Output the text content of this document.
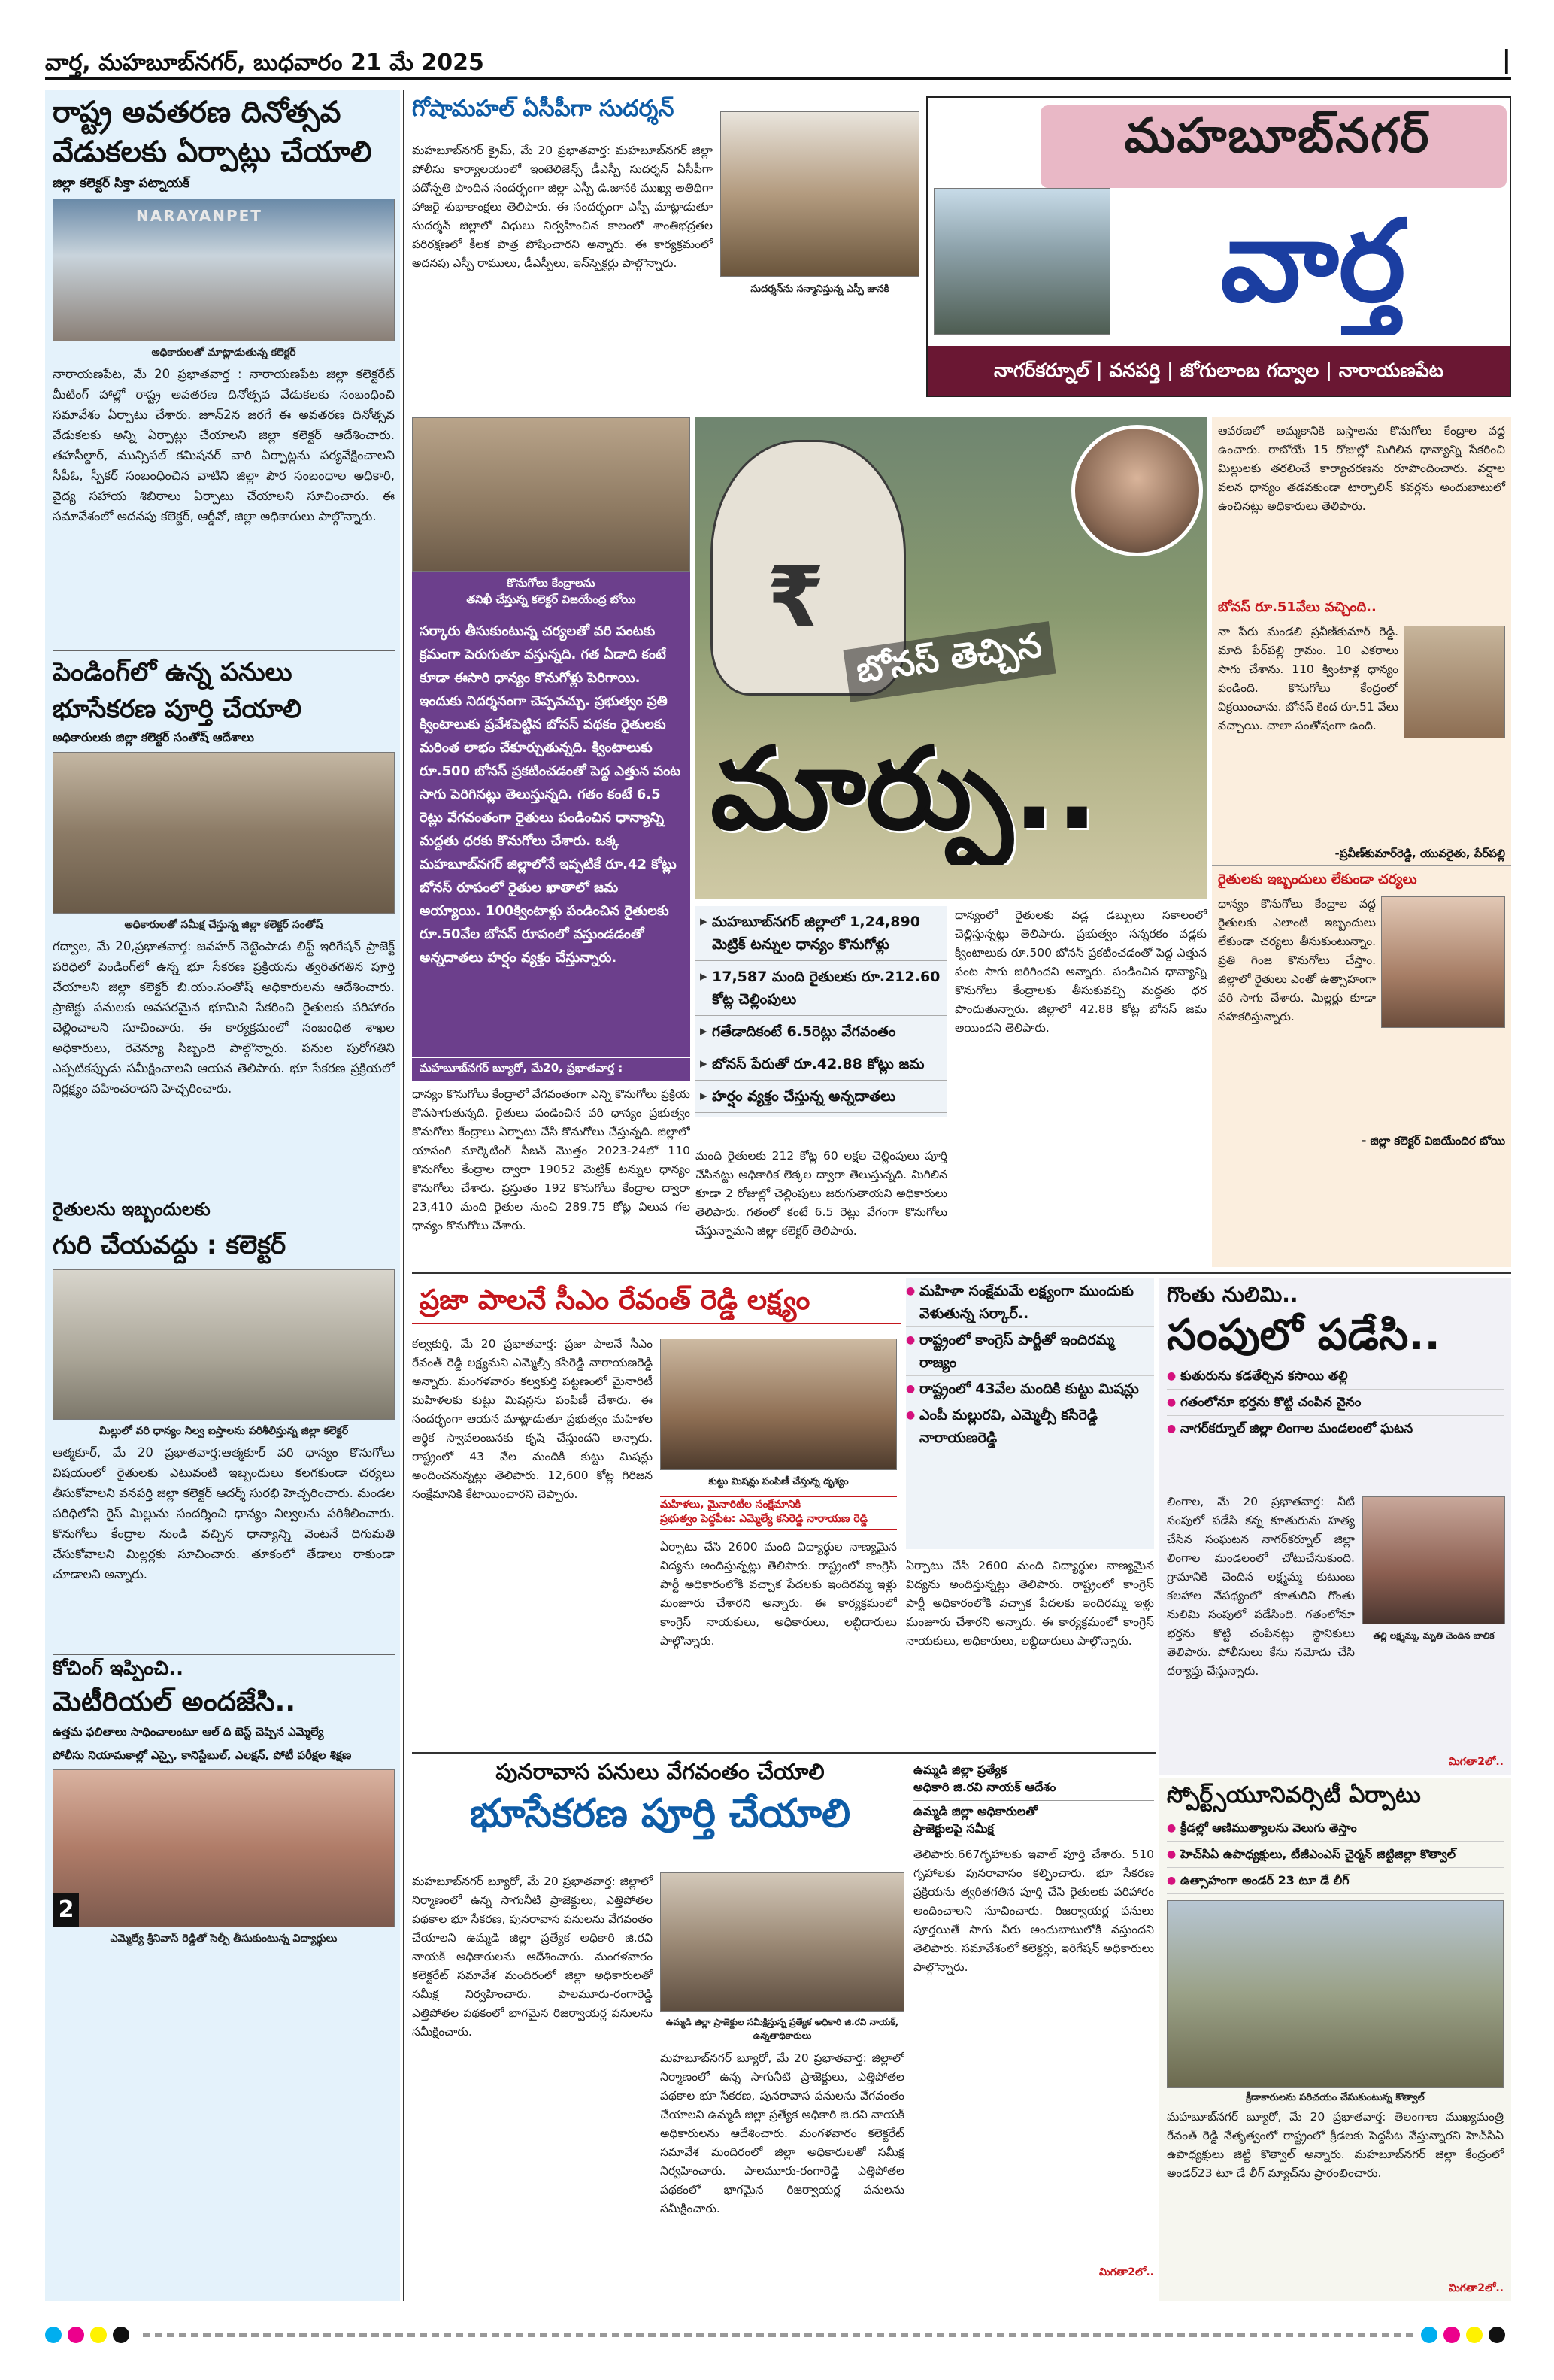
వార్త, మహబూబ్‌నగర్, బుధవారం 21 మే 2025	|
రాష్ట్ర అవతరణ దినోత్సవ
వేడుకలకు ఏర్పాట్లు చేయాలి
జిల్లా కలెక్టర్ సిక్తా పట్నాయక్
NARAYANPET
అధికారులతో మాట్లాడుతున్న కలెక్టర్
నారాయణపేట, మే 20 ప్రభాతవార్త : నారాయణపేట జిల్లా కలెక్టరేట్ మీటింగ్ హాల్లో రాష్ట్ర అవతరణ దినోత్సవ వేడుకలకు సంబంధించి సమావేశం ఏర్పాటు చేశారు. జూన్2న జరగే ఈ అవతరణ దినోత్సవ వేడుకలకు అన్ని ఏర్పాట్లు చేయాలని జిల్లా కలెక్టర్ ఆదేశించారు. తహసీల్దార్, మున్సిపల్ కమిషనర్ వారి ఏర్పాట్లను పర్యవేక్షించాలని సీపీఓ, స్పీకర్ సంబంధించిన వాటిని జిల్లా పౌర సంబంధాల అధికారి, వైద్య సహాయ శిబిరాలు ఏర్పాటు చేయాలని సూచించారు. ఈ సమావేశంలో అదనపు కలెక్టర్, ఆర్డీవో, జిల్లా అధికారులు పాల్గొన్నారు.
పెండింగ్‌లో ఉన్న పనులు
భూసేకరణ పూర్తి చేయాలి
అధికారులకు జిల్లా కలెక్టర్ సంతోష్ ఆదేశాలు
అధికారులతో సమీక్ష చేస్తున్న జిల్లా కలెక్టర్ సంతోష్
గద్వాల, మే 20,ప్రభాతవార్త: జవహర్ నెట్టెంపాడు లిఫ్ట్ ఇరిగేషన్ ప్రాజెక్ట్ పరిధిలో పెండింగ్‌లో ఉన్న భూ సేకరణ ప్రక్రియను త్వరితగతిన పూర్తి చేయాలని జిల్లా కలెక్టర్ బి.యం.సంతోష్ అధికారులను ఆదేశించారు. ప్రాజెక్టు పనులకు అవసరమైన భూమిని సేకరించి రైతులకు పరిహారం చెల్లించాలని సూచించారు. ఈ కార్యక్రమంలో సంబంధిత శాఖల అధికారులు, రెవెన్యూ సిబ్బంది పాల్గొన్నారు. పనుల పురోగతిని ఎప్పటికప్పుడు సమీక్షించాలని ఆయన తెలిపారు. భూ సేకరణ ప్రక్రియలో నిర్లక్ష్యం వహించరాదని హెచ్చరించారు.
రైతులను ఇబ్బందులకు
గురి చేయవద్దు : కలెక్టర్
మిల్లులో వరి ధాన్యం నిల్వ ఐస్తాలను పరిశీలిస్తున్న జిల్లా కలెక్టర్
ఆత్మకూర్, మే 20 ప్రభాతవార్త:ఆత్మకూర్ వరి ధాన్యం కొనుగోలు విషయంలో రైతులకు ఎటువంటి ఇబ్బందులు కలగకుండా చర్యలు తీసుకోవాలని వనపర్తి జిల్లా కలెక్టర్ ఆదర్శ్ సురభి హెచ్చరించారు. మండల పరిధిలోని రైస్ మిల్లును సందర్శించి ధాన్యం నిల్వలను పరిశీలించారు. కొనుగోలు కేంద్రాల నుండి వచ్చిన ధాన్యాన్ని వెంటనే దిగుమతి చేసుకోవాలని మిల్లర్లకు సూచించారు. తూకంలో తేడాలు రాకుండా చూడాలని అన్నారు.
కోచింగ్ ఇప్పించి..
మెటీరియల్ అందజేసి..
ఉత్తమ ఫలితాలు సాధించాలంటూ ఆల్ ది బెస్ట్ చెప్పిన ఎమ్మెల్యే
పోలీసు నియామకాల్లో ఎస్సై, కానిస్టేబుల్, ఎలక్షన్, పోటీ పరీక్షల శిక్షణ
2
ఎమ్మెల్యే శ్రీనివాస్ రెడ్డితో సెల్ఫీ తీసుకుంటున్న విద్యార్థులు
గోషామహల్ ఏసీపీగా సుదర్శన్
మహబూబ్‌నగర్ క్రైమ్, మే 20 ప్రభాతవార్త: మహబూబ్‌నగర్ జిల్లా పోలీసు కార్యాలయంలో ఇంటెలిజెన్స్ డీఎస్పీ సుదర్శన్ ఏసీపీగా పదోన్నతి పొందిన సందర్భంగా జిల్లా ఎస్పీ డి.జానకి ముఖ్య అతిథిగా హాజరై శుభాకాంక్షలు తెలిపారు. ఈ సందర్భంగా ఎస్పీ మాట్లాడుతూ సుదర్శన్ జిల్లాలో విధులు నిర్వహించిన కాలంలో శాంతిభద్రతల పరిరక్షణలో కీలక పాత్ర పోషించారని అన్నారు. ఈ కార్యక్రమంలో అదనపు ఎస్పీ రాములు, డీఎస్పీలు, ఇన్‌స్పెక్టర్లు పాల్గొన్నారు.
సుదర్శన్‌ను సన్మానిస్తున్న ఎస్పీ జానకి
మహబూబ్‌నగర్
వార్త
నాగర్‌కర్నూల్ | వనపర్తి | జోగులాంబ గద్వాల | నారాయణపేట
కొనుగోలు కేంద్రాలను
తనిఖీ చేస్తున్న కలెక్టర్ విజయేంద్ర బోయి
సర్కారు తీసుకుంటున్న చర్యలతో వరి పంటకు క్రమంగా పెరుగుతూ వస్తున్నది. గత ఏడాది కంటే కూడా ఈసారి ధాన్యం కొనుగోళ్లు పెరిగాయి. ఇందుకు నిదర్శనంగా చెప్పవచ్చు. ప్రభుత్వం ప్రతి క్వింటాలుకు ప్రవేశపెట్టిన బోనస్ పథకం రైతులకు మరింత లాభం చేకూర్చుతున్నది. క్వింటాలుకు రూ.500 బోనస్ ప్రకటించడంతో పెద్ద ఎత్తున పంట సాగు పెరిగినట్లు తెలుస్తున్నది. గతం కంటే 6.5 రెట్లు వేగవంతంగా రైతులు పండించిన ధాన్యాన్ని మద్దతు ధరకు కొనుగోలు చేశారు. ఒక్క మహబూబ్‌నగర్ జిల్లాలోనే ఇప్పటికే రూ.42 కోట్లు బోనస్ రూపంలో రైతుల ఖాతాలో జమ అయ్యాయి. 100క్వింటాళ్లు పండించిన రైతులకు రూ.50వేల బోనస్ రూపంలో వస్తుండడంతో అన్నదాతలు హర్షం వ్యక్తం చేస్తున్నారు.
మహబూబ్‌నగర్ బ్యూరో, మే20, ప్రభాతవార్త :
ధాన్యం కొనుగోలు కేంద్రాలో వేగవంతంగా ఎన్ని కొనుగోలు ప్రక్రియ కొనసాగుతున్నది. రైతులు పండించిన వరి ధాన్యం ప్రభుత్వం కొనుగోలు కేంద్రాలు ఏర్పాటు చేసి కొనుగోలు చేస్తున్నది. జిల్లాలో యాసంగి మార్కెటింగ్ సీజన్ మొత్తం 2023-24లో 110 కొనుగోలు కేంద్రాల ద్వారా 19052 మెట్రిక్ టన్నుల ధాన్యం కొనుగోలు చేశారు. ప్రస్తుతం 192 కొనుగోలు కేంద్రాల ద్వారా 23,410 మంది రైతుల నుంచి 289.75 కోట్ల విలువ గల ధాన్యం కొనుగోలు చేశారు.
₹
బోనస్ తెచ్చిన
మార్పు..
▸ మహబూబ్‌నగర్ జిల్లాలో 1,24,890 మెట్రిక్ టన్నుల ధాన్యం కొనుగోళ్లు
▸ 17,587 మంది రైతులకు రూ.212.60 కోట్ల చెల్లింపులు
▸ గతేడాదికంటే 6.5రెట్లు వేగవంతం
▸ బోనస్ పేరుతో రూ.42.88 కోట్లు జమ
▸ హర్షం వ్యక్తం చేస్తున్న అన్నదాతలు
మంది రైతులకు 212 కోట్ల 60 లక్షల చెల్లింపులు పూర్తి చేసినట్టు అధికారిక లెక్కల ద్వారా తెలుస్తున్నది. మిగిలిన కూడా 2 రోజుల్లో చెల్లింపులు జరుగుతాయని అధికారులు తెలిపారు. గతంలో కంటే 6.5 రెట్లు వేగంగా కొనుగోలు చేస్తున్నామని జిల్లా కలెక్టర్ తెలిపారు.
ధాన్యంలో రైతులకు వడ్ల డబ్బులు సకాలంలో చెల్లిస్తున్నట్లు తెలిపారు. ప్రభుత్వం సన్నరకం వడ్లకు క్వింటాలుకు రూ.500 బోనస్ ప్రకటించడంతో పెద్ద ఎత్తున పంట సాగు జరిగిందని అన్నారు. పండించిన ధాన్యాన్ని కొనుగోలు కేంద్రాలకు తీసుకువచ్చి మద్దతు ధర పొందుతున్నారు. జిల్లాలో 42.88 కోట్ల బోనస్ జమ అయిందని తెలిపారు.
ఆవరణలో అమ్మకానికి బస్తాలను కొనుగోలు కేంద్రాల వద్ద ఉంచారు. రాబోయే 15 రోజుల్లో మిగిలిన ధాన్యాన్ని సేకరించి మిల్లులకు తరలించే కార్యాచరణను రూపొందించారు. వర్షాల వలన ధాన్యం తడవకుండా టార్పాలిన్ కవర్లను అందుబాటులో ఉంచినట్లు అధికారులు తెలిపారు.
బోనస్ రూ.51వేలు వచ్చింది..
నా పేరు మండలి ప్రవీణ్‌కుమార్ రెడ్డి. మాది పేర్‌పల్లి గ్రామం. 10 ఎకరాలు సాగు చేశాను. 110 క్వింటాళ్ల ధాన్యం పండింది. కొనుగోలు కేంద్రంలో విక్రయించాను. బోనస్ కింద రూ.51 వేలు వచ్చాయి. చాలా సంతోషంగా ఉంది.
-ప్రవీణ్‌కుమార్‌రెడ్డి, యువరైతు, పేర్‌పల్లి
రైతులకు ఇబ్బందులు లేకుండా చర్యలు
ధాన్యం కొనుగోలు కేంద్రాల వద్ద రైతులకు ఎలాంటి ఇబ్బందులు లేకుండా చర్యలు తీసుకుంటున్నాం. ప్రతి గింజ కొనుగోలు చేస్తాం. జిల్లాలో రైతులు ఎంతో ఉత్సాహంగా వరి సాగు చేశారు. మిల్లర్లు కూడా సహకరిస్తున్నారు.
- జిల్లా కలెక్టర్ విజయేందిర బోయి
ప్రజా పాలనే సీఎం రేవంత్ రెడ్డి లక్ష్యం
కల్వకుర్తి, మే 20 ప్రభాతవార్త: ప్రజా పాలనే సీఎం రేవంత్ రెడ్డి లక్ష్యమని ఎమ్మెల్సీ కసిరెడ్డి నారాయణరెడ్డి అన్నారు. మంగళవారం కల్వకుర్తి పట్టణంలో మైనారిటీ మహిళలకు కుట్టు మిషన్లను పంపిణీ చేశారు. ఈ సందర్భంగా ఆయన మాట్లాడుతూ ప్రభుత్వం మహిళల ఆర్థిక స్వావలంబనకు కృషి చేస్తుందని అన్నారు. రాష్ట్రంలో 43 వేల మందికి కుట్టు మిషన్లు అందించనున్నట్లు తెలిపారు. 12,600 కోట్ల గిరిజన సంక్షేమానికి కేటాయించారని చెప్పారు.
కుట్టు మిషన్లు పంపిణీ చేస్తున్న దృశ్యం
మహిళలు, మైనారిటీల సంక్షేమానికి
ప్రభుత్వం పెద్దపీట: ఎమ్మెల్యే కసిరెడ్డి నారాయణ రెడ్డి
ఏర్పాటు చేసి 2600 మంది విద్యార్థుల నాణ్యమైన విద్యను అందిస్తున్నట్లు తెలిపారు. రాష్ట్రంలో కాంగ్రెస్ పార్టీ అధికారంలోకి వచ్చాక పేదలకు ఇందిరమ్మ ఇళ్లు మంజూరు చేశారని అన్నారు. ఈ కార్యక్రమంలో కాంగ్రెస్ నాయకులు, అధికారులు, లబ్ధిదారులు పాల్గొన్నారు.
● మహిళా సంక్షేమమే లక్ష్యంగా ముందుకు వెళుతున్న సర్కార్..
● రాష్ట్రంలో కాంగ్రెస్ పార్టీతో ఇందిరమ్మ రాజ్యం
● రాష్ట్రంలో 43వేల మందికి కుట్టు మిషన్లు
● ఎంపీ మల్లురవి, ఎమ్మెల్సీ కసిరెడ్డి నారాయణరెడ్డి
ఏర్పాటు చేసి 2600 మంది విద్యార్థుల నాణ్యమైన విద్యను అందిస్తున్నట్లు తెలిపారు. రాష్ట్రంలో కాంగ్రెస్ పార్టీ అధికారంలోకి వచ్చాక పేదలకు ఇందిరమ్మ ఇళ్లు మంజూరు చేశారని అన్నారు. ఈ కార్యక్రమంలో కాంగ్రెస్ నాయకులు, అధికారులు, లబ్ధిదారులు పాల్గొన్నారు.
గొంతు నులిమి..
సంపులో పడేసి..
● కుతురును కడతేర్చిన కసాయి తల్లి
● గతంలోనూ భర్తను కొట్టి చంపిన వైనం
● నాగర్‌కర్నూల్ జిల్లా లింగాల మండలంలో ఘటన
లింగాల, మే 20 ప్రభాతవార్త: నీటి సంపులో పడేసి కన్న కూతురును హత్య చేసిన సంఘటన నాగర్‌కర్నూల్ జిల్లా లింగాల మండలంలో చోటుచేసుకుంది. గ్రామానికి చెందిన లక్ష్మమ్మ కుటుంబ కలహాల నేపథ్యంలో కూతురిని గొంతు నులిమి సంపులో పడేసింది. గతంలోనూ భర్తను కొట్టి చంపినట్లు స్థానికులు తెలిపారు. పోలీసులు కేసు నమోదు చేసి దర్యాప్తు చేస్తున్నారు.
తల్లి లక్ష్మమ్మ, మృతి చెందిన బాలిక
మిగతా2లో..
స్పోర్ట్స్‌యూనివర్సిటీ ఏర్పాటు
● క్రీడల్లో ఆణిముత్యాలను వెలుగు తెస్తాం
● హెచ్‌సిఏ ఉపాధ్యక్షులు, టీజీఎంఎస్ చైర్మన్ జిట్టిజిల్లా కొత్వాల్
● ఉత్సాహంగా అండర్ 23 టూ డే లీగ్
క్రీడాకారులను పరిచయం చేసుకుంటున్న కొత్వాల్
మహబూబ్‌నగర్ బ్యూరో, మే 20 ప్రభాతవార్త: తెలంగాణ ముఖ్యమంత్రి రేవంత్ రెడ్డి నేతృత్వంలో రాష్ట్రంలో క్రీడలకు పెద్దపీట వేస్తున్నారని హెచ్‌సిఏ ఉపాధ్యక్షులు జిట్టి కొత్వాల్ అన్నారు. మహబూబ్‌నగర్ జిల్లా కేంద్రంలో అండర్23 టూ డే లీగ్ మ్యాచ్‌ను ప్రారంభించారు.
మిగతా2లో..
పునరావాస పనులు వేగవంతం చేయాలి
భూసేకరణ పూర్తి చేయాలి
మహబూబ్‌నగర్ బ్యూరో, మే 20 ప్రభాతవార్త: జిల్లాలో నిర్మాణంలో ఉన్న సాగునీటి ప్రాజెక్టులు, ఎత్తిపోతల పథకాల భూ సేకరణ, పునరావాస పనులను వేగవంతం చేయాలని ఉమ్మడి జిల్లా ప్రత్యేక అధికారి జి.రవి నాయక్ అధికారులను ఆదేశించారు. మంగళవారం కలెక్టరేట్ సమావేశ మందిరంలో జిల్లా అధికారులతో సమీక్ష నిర్వహించారు. పాలమూరు-రంగారెడ్డి ఎత్తిపోతల పథకంలో భాగమైన రిజర్వాయర్ల పనులను సమీక్షించారు.
ఉమ్మడి జిల్లా ప్రాజెక్టుల సమీక్షిస్తున్న ప్రత్యేక అధికారి జి.రవి నాయక్, ఉన్నతాధికారులు
మహబూబ్‌నగర్ బ్యూరో, మే 20 ప్రభాతవార్త: జిల్లాలో నిర్మాణంలో ఉన్న సాగునీటి ప్రాజెక్టులు, ఎత్తిపోతల పథకాల భూ సేకరణ, పునరావాస పనులను వేగవంతం చేయాలని ఉమ్మడి జిల్లా ప్రత్యేక అధికారి జి.రవి నాయక్ అధికారులను ఆదేశించారు. మంగళవారం కలెక్టరేట్ సమావేశ మందిరంలో జిల్లా అధికారులతో సమీక్ష నిర్వహించారు. పాలమూరు-రంగారెడ్డి ఎత్తిపోతల పథకంలో భాగమైన రిజర్వాయర్ల పనులను సమీక్షించారు.
ఉమ్మడి జిల్లా ప్రత్యేక
అధికారి జి.రవి నాయక్ ఆదేశం
ఉమ్మడి జిల్లా అధికారులతో
ప్రాజెక్టులపై సమీక్ష
తెలిపారు.667గృహాలకు ఇవాల్ పూర్తి చేశారు. 510 గృహాలకు పునరావాసం కల్పించారు. భూ సేకరణ ప్రక్రియను త్వరితగతిన పూర్తి చేసి రైతులకు పరిహారం అందించాలని సూచించారు. రిజర్వాయర్ల పనులు పూర్తయితే సాగు నీరు అందుబాటులోకి వస్తుందని తెలిపారు. సమావేశంలో కలెక్టర్లు, ఇరిగేషన్ అధికారులు పాల్గొన్నారు.
మిగతా2లో..
